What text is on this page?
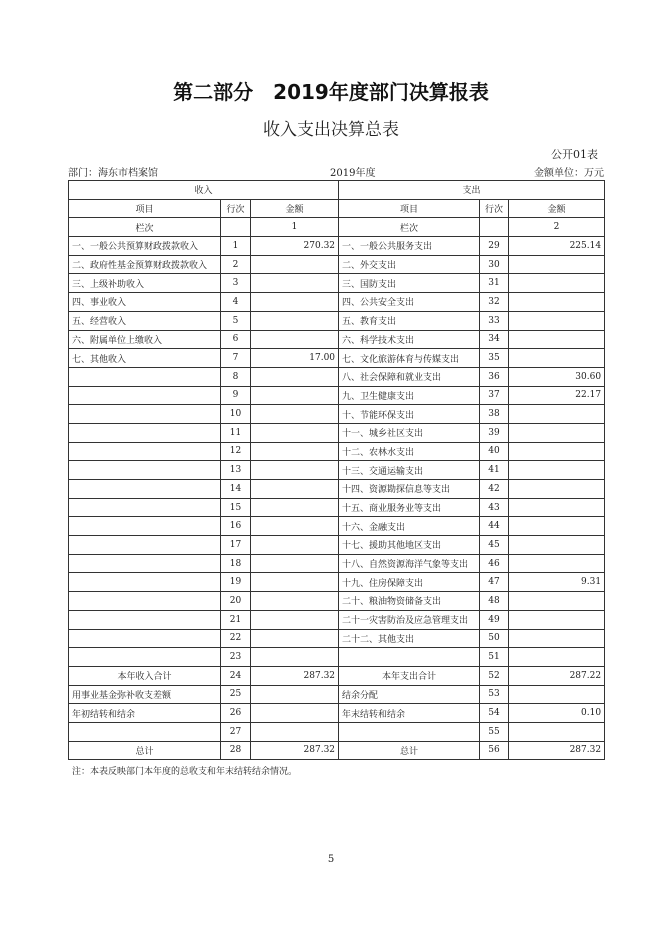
第二部分　2019年度部门决算报表
收入支出决算总表
公开01表
部门：海东市档案馆	2019年度	金额单位：万元
收入			支出		
项目	行次	金额	项目	行次	金额
栏次		1	栏次		2
一、一般公共预算财政拨款收入	1	270.32	一、一般公共服务支出	29	225.14
二、政府性基金预算财政拨款收入	2		二、外交支出	30	
三、上级补助收入	3		三、国防支出	31	
四、事业收入	4		四、公共安全支出	32	
五、经营收入	5		五、教育支出	33	
六、附属单位上缴收入	6		六、科学技术支出	34	
七、其他收入	7	17.00	七、文化旅游体育与传媒支出	35	
	8		八、社会保障和就业支出	36	30.60
	9		九、卫生健康支出	37	22.17
	10		十、节能环保支出	38	
	11		十一、城乡社区支出	39	
	12		十二、农林水支出	40	
	13		十三、交通运输支出	41	
	14		十四、资源勘探信息等支出	42	
	15		十五、商业服务业等支出	43	
	16		十六、金融支出	44	
	17		十七、援助其他地区支出	45	
	18		十八、自然资源海洋气象等支出	46	
	19		十九、住房保障支出	47	9.31
	20		二十、粮油物资储备支出	48	
	21		二十一灾害防治及应急管理支出	49	
	22		二十二、其他支出	50	
	23			51	
本年收入合计	24	287.32	本年支出合计	52	287.22
用事业基金弥补收支差额	25		结余分配	53	
年初结转和结余	26		年末结转和结余	54	0.10
	27			55	
总计	28	287.32	总计	56	287.32
注：本表反映部门本年度的总收支和年末结转结余情况。
5
